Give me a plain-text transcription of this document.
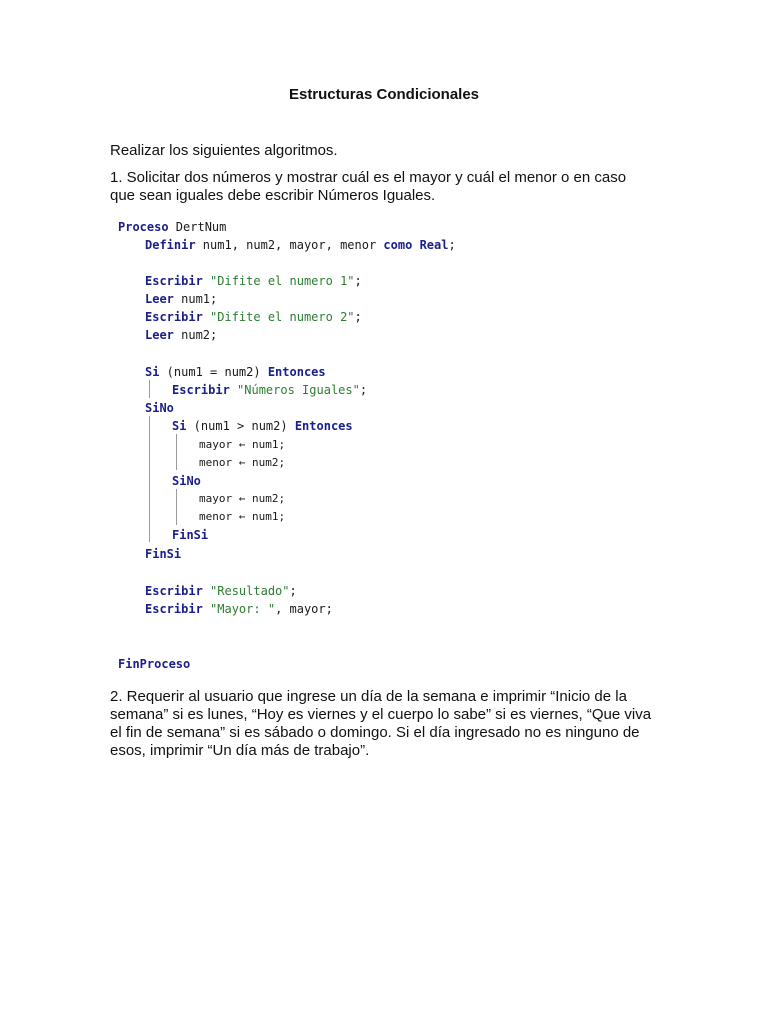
Estructuras Condicionales

Realizar los siguientes algoritmos.

1. Solicitar dos números y mostrar cuál es el mayor y cuál el menor o en caso
que sean iguales debe escribir Números Iguales.

Proceso DertNum

Definir num1, num2, mayor, menor como Real;

Escribir "Difite el numero 1";

Leer num1;

Escribir "Difite el numero 2";

Leer num2;

Si (num1 = num2) Entonces

Escribir "Números Iguales";

SiNo

Si (num1 > num2) Entonces

mayor ← num1;

menor ← num2;

SiNo

mayor ← num2;

menor ← num1;

FinSi

FinSi

Escribir "Resultado";

Escribir "Mayor: ", mayor;

FinProceso

2. Requerir al usuario que ingrese un día de la semana e imprimir “Inicio de la
semana” si es lunes, “Hoy es viernes y el cuerpo lo sabe” si es viernes, “Que viva
el fin de semana” si es sábado o domingo. Si el día ingresado no es ninguno de
esos, imprimir “Un día más de trabajo”.
